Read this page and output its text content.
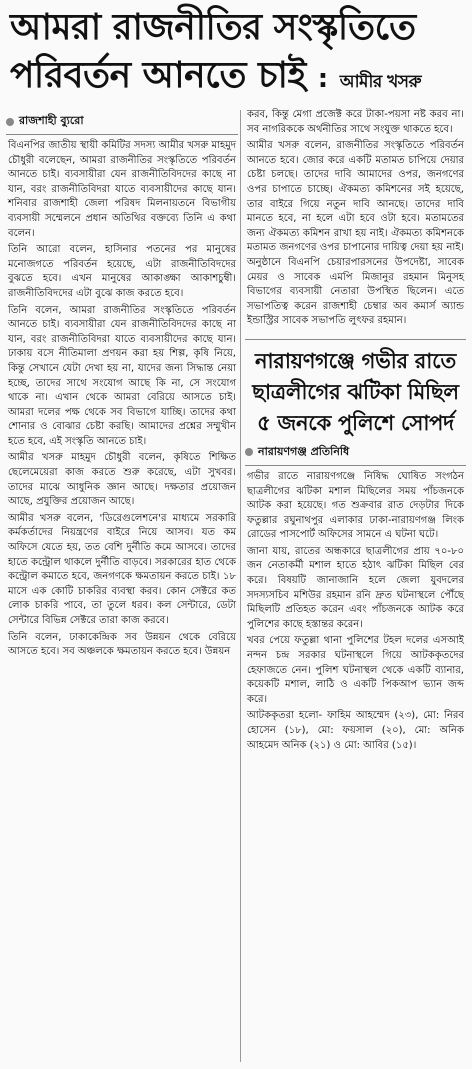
আমরা রাজনীতির সংস্কৃতিতে
পরিবর্তন আনতে চাই : আমীর খসরু
রাজশাহী ব্যুরো

বিএনপির জাতীয় স্থায়ী কমিটির সদস্য আমীর খসরু মাহমুদ চৌধুরী বলেছেন, আমরা রাজনীতির সংস্কৃতিতে পরিবর্তন আনতে চাই। ব্যবসায়ীরা যেন রাজনীতিবিদদের কাছে না যান, বরং রাজনীতিবিদরা যাতে ব্যবসায়ীদের কাছে যান। শনিবার রাজশাহী জেলা পরিষদ মিলনায়তনে বিভাগীয় ব্যবসায়ী সম্মেলনে প্রধান অতিথির বক্তব্যে তিনি এ কথা বলেন।

তিনি আরো বলেন, হাসিনার পতনের পর মানুষের মনোজগতে পরিবর্তন হয়েছে, এটা রাজনীতিবিদদের বুঝতে হবে। এখন মানুষের আকাঙ্ক্ষা আকাশচুম্বী। রাজনীতিবিদদের এটা বুঝে কাজ করতে হবে।

তিনি বলেন, আমরা রাজনীতির সংস্কৃতিতে পরিবর্তন আনতে চাই। ব্যবসায়ীরা যেন রাজনীতিবিদদের কাছে না যান, বরং রাজনীতিবিদরা যাতে ব্যবসায়ীদের কাছে যান। ঢাকায় বসে নীতিমালা প্রণয়ন করা হয় শিল্প, কৃষি নিয়ে, কিন্তু সেখানে যেটা দেখা হয় না, যাদের জন্য সিদ্ধান্ত নেয়া হচ্ছে, তাদের সাথে সংযোগ আছে কি না, সে সংযোগ থাকে না। এখান থেকে আমরা বেরিয়ে আসতে চাই। আমরা দলের পক্ষ থেকে সব বিভাগে যাচ্ছি। তাদের কথা শোনার ও বোঝার চেষ্টা করছি। আমাদের প্রশ্নের সম্মুখীন হতে হবে, এই সংস্কৃতি আনতে চাই।

আমীর খসরু মাহমুদ চৌধুরী বলেন, কৃষিতে শিক্ষিত ছেলেমেয়েরা কাজ করতে শুরু করেছে, এটা সুখবর। তাদের মাঝে আধুনিক জ্ঞান আছে। দক্ষতার প্রয়োজন আছে, প্রযুক্তির প্রয়োজন আছে।

আমীর খসরু বলেন, 'ডিরেগুলেশনে'র মাধ্যমে সরকারি কর্মকর্তাদের নিয়ন্ত্রণের বাইরে নিয়ে আসব। যত কম অফিসে যেতে হয়, তত বেশি দুর্নীতি কমে আসবে। তাদের হাতে কন্ট্রোল থাকলে দুর্নীতি বাড়বে। সরকারের হাত থেকে কন্ট্রোল কমাতে হবে, জনগণকে ক্ষমতায়ন করতে চাই। ১৮ মাসে এক কোটি চাকরির ব্যবস্থা করব। কোন সেক্টরে কত লোক চাকরি পাবে, তা তুলে ধরব। কল সেন্টারে, ডেটা সেন্টারে বিভিন্ন সেক্টরে তারা কাজ করবে।

তিনি বলেন, ঢাকাকেন্দ্রিক সব উন্নয়ন থেকে বেরিয়ে আসতে হবে। সব অঞ্চলকে ক্ষমতায়ন করতে হবে। উন্নয়ন

করব, কিন্তু মেগা প্রজেক্ট করে টাকা-পয়সা নষ্ট করব না। সব নাগরিককে অর্থনীতির সাথে সংযুক্ত থাকতে হবে।

আমীর খসরু বলেন, রাজনীতির সংস্কৃতিতে পরিবর্তন আনতে হবে। জোর করে একটি মতামত চাপিয়ে দেয়ার চেষ্টা চলছে। তাদের দাবি আমাদের ওপর, জনগণের ওপর চাপাতে চাচ্ছে। ঐকমত্য কমিশনের সই হয়েছে, তার বাইরে গিয়ে নতুন দাবি আনছে। তাদের দাবি মানতে হবে, না হলে এটা হবে ওটা হবে। মতামতের জন্য ঐকমত্য কমিশন রাখা হয় নাই। ঐকমত্য কমিশনকে মতামত জনগণের ওপর চাপানোর দায়িত্ব দেয়া হয় নাই। অনুষ্ঠানে বিএনপি চেয়ারপারসনের উপদেষ্টা, সাবেক মেয়র ও সাবেক এমপি মিজানুর রহমান মিনুসহ বিভাগের ব্যবসায়ী নেতারা উপস্থিত ছিলেন। এতে সভাপতিত্ব করেন রাজশাহী চেম্বার অব কমার্স অ্যান্ড ইন্ডাস্ট্রির সাবেক সভাপতি লুৎফর রহমান।

নারায়ণগঞ্জে গভীর রাতে
ছাত্রলীগের ঝটিকা মিছিল
৫ জনকে পুলিশে সোপর্দ
নারায়ণগঞ্জ প্রতিনিধি

গভীর রাতে নারায়ণগঞ্জে নিষিদ্ধ ঘোষিত সংগঠন ছাত্রলীগের ঝটিকা মশাল মিছিলের সময় পাঁচজনকে আটক করা হয়েছে। গত শুক্রবার রাত দেড়টার দিকে ফতুল্লার রঘুনাথপুর এলাকার ঢাকা-নারায়ণগঞ্জ লিংক রোডের পাসপোর্ট অফিসের সামনে এ ঘটনা ঘটে।

জানা যায়, রাতের অন্ধকারে ছাত্রলীগের প্রায় ৭০-৮০ জন নেতাকর্মী মশাল হাতে হঠাৎ ঝটিকা মিছিল বের করে। বিষয়টি জানাজানি হলে জেলা যুবদলের সদস্যসচিব মশিউর রহমান রনি দ্রুত ঘটনাস্থলে পৌঁছে মিছিলটি প্রতিহত করেন এবং পাঁচজনকে আটক করে পুলিশের কাছে হস্তান্তর করেন।

খবর পেয়ে ফতুল্লা থানা পুলিশের টহল দলের এসআই নন্দন চন্দ্র সরকার ঘটনাস্থলে গিয়ে আটককৃতদের হেফাজতে নেন। পুলিশ ঘটনাস্থল থেকে একটি ব্যানার, কয়েকটি মশাল, লাঠি ও একটি পিকআপ ভ্যান জব্দ করে।

আটককৃতরা হলো- ফাহিম আহম্মেদ (২৩), মো: নিরব হোসেন (১৮), মো: ফয়সাল (২০), মো: অনিক আহমেদ অনিক (২১) ও মো: আবির (১৫)।
